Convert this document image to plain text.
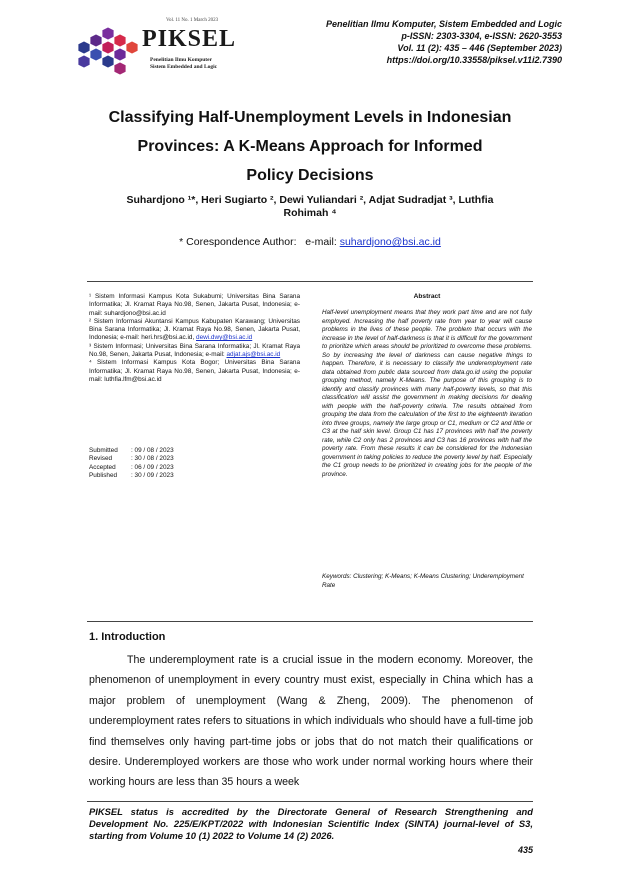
Vol. 11 No. 1 March 2023
PIKSEL
Penelitian Ilmu Komputer
Sistem Embedded and Logic
Penelitian Ilmu Komputer, Sistem Embedded and Logic
p-ISSN: 2303-3304, e-ISSN: 2620-3553
Vol. 11 (2): 435 – 446 (September 2023)
https://doi.org/10.33558/piksel.v11i2.7390
Classifying Half-Unemployment Levels in Indonesian
Provinces: A K-Means Approach for Informed
Policy Decisions
Suhardjono ¹*, Heri Sugiarto ², Dewi Yuliandari ², Adjat Sudradjat ³, Luthfia
Rohimah ⁴
* Corespondence Author:   e-mail: suhardjono@bsi.ac.id

¹ Sistem Informasi Kampus Kota Sukabumi; Universitas Bina Sarana Informatika; Jl. Kramat Raya No.98, Senen, Jakarta Pusat, Indonesia; e-mail: suhardjono@bsi.ac.id

² Sistem Informasi Akuntansi Kampus Kabupaten Karawang; Universitas Bina Sarana Informatika; Jl. Kramat Raya No.98, Senen, Jakarta Pusat, Indonesia; e-mail: heri.hrs@bsi.ac.id, dewi.dwy@bsi.ac.id

³ Sistem Informasi; Universitas Bina Sarana Informatika; Jl. Kramat Raya No.98, Senen, Jakarta Pusat, Indonesia; e-mail: adjat.ajs@bsi.ac.id

⁴ Sistem Informasi Kampus Kota Bogor; Universitas Bina Sarana Informatika; Jl. Kramat Raya No.98, Senen, Jakarta Pusat, Indonesia; e-mail: luthfia.lfm@bsi.ac.id

Submitted	: 09 / 08 / 2023
Revised	: 30 / 08 / 2023
Accepted	: 06 / 09 / 2023
Published	: 30 / 09 / 2023
Abstract
Half-level unemployment means that they work part time and are not fully employed. Increasing the half poverty rate from year to year will cause problems in the lives of these people. The problem that occurs with the increase in the level of half-darkness is that it is difficult for the government to prioritize which areas should be prioritized to overcome these problems. So by increasing the level of darkness can cause negative things to happen. Therefore, it is necessary to classify the underemployment rate data obtained from public data sourced from data.go.id using the popular grouping method, namely K-Means. The purpose of this grouping is to identify and classify provinces with many half-poverty levels, so that this classification will assist the government in making decisions for dealing with people with the half-poverty criteria. The results obtained from grouping the data from the calculation of the first to the eighteenth iteration into three groups, namely the large group or C1, medium or C2 and little or C3 at the half skin level. Group C1 has 17 provinces with half the poverty rate, while C2 only has 2 provinces and C3 has 16 provinces with half the poverty rate. From these results it can be considered for the Indonesian government in taking policies to reduce the poverty level by half. Especially the C1 group needs to be prioritized in creating jobs for the people of the province.
Keywords: Clustering; K-Means; K-Means Clustering; Underemployment Rate
1. Introduction

The underemployment rate is a crucial issue in the modern economy. Moreover, the phenomenon of unemployment in every country must exist, especially in China which has a major problem of unemployment (Wang & Zheng, 2009). The phenomenon of underemployment rates refers to situations in which individuals who should have a full-time job find themselves only having part-time jobs or jobs that do not match their qualifications or desire. Underemployed workers are those who work under normal working hours where their working hours are less than 35 hours a week

PIKSEL status is accredited by the Directorate General of Research Strengthening and Development No. 225/E/KPT/2022 with Indonesian Scientific Index (SINTA) journal-level of S3, starting from Volume 10 (1) 2022 to Volume 14 (2) 2026.
435
